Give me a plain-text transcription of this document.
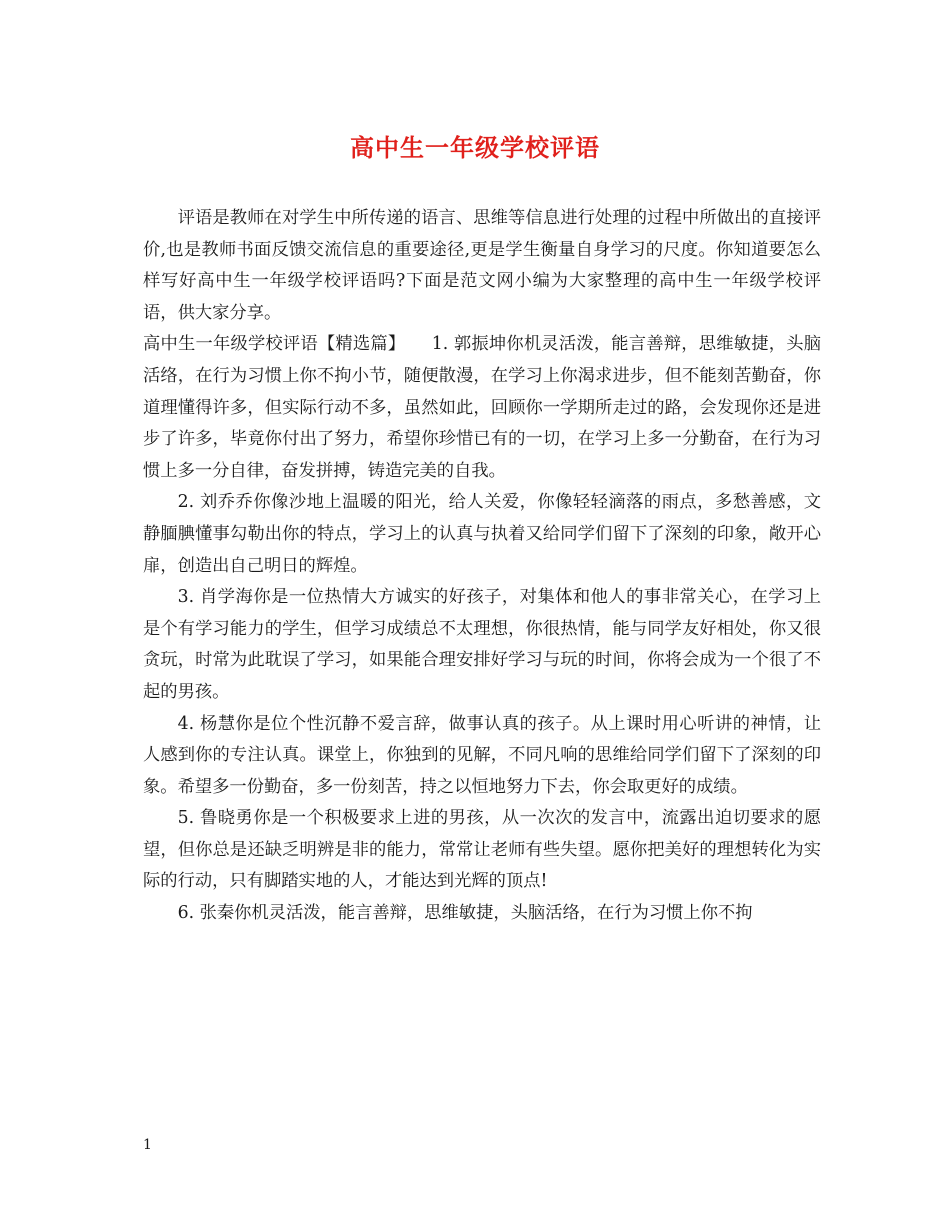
高中生一年级学校评语

评语是教师在对学生中所传递的语言、思维等信息进行处理的过程中所做出的直接评价,也是教师书面反馈交流信息的重要途径,更是学生衡量自身学习的尺度。你知道要怎么样写好高中生一年级学校评语吗?下面是范文网小编为大家整理的高中生一年级学校评语，供大家分享。

高中生一年级学校评语【精选篇】　　1. 郭振坤你机灵活泼，能言善辩，思维敏捷，头脑活络，在行为习惯上你不拘小节，随便散漫，在学习上你渴求进步，但不能刻苦勤奋，你道理懂得许多，但实际行动不多，虽然如此，回顾你一学期所走过的路，会发现你还是进步了许多，毕竟你付出了努力，希望你珍惜已有的一切，在学习上多一分勤奋，在行为习惯上多一分自律，奋发拼搏，铸造完美的自我。

2. 刘乔乔你像沙地上温暖的阳光，给人关爱，你像轻轻滴落的雨点，多愁善感，文静腼腆懂事勾勒出你的特点，学习上的认真与执着又给同学们留下了深刻的印象，敞开心扉，创造出自己明日的辉煌。

3. 肖学海你是一位热情大方诚实的好孩子，对集体和他人的事非常关心，在学习上是个有学习能力的学生，但学习成绩总不太理想，你很热情，能与同学友好相处，你又很贪玩，时常为此耽误了学习，如果能合理安排好学习与玩的时间，你将会成为一个很了不起的男孩。

4. 杨慧你是位个性沉静不爱言辞，做事认真的孩子。从上课时用心听讲的神情，让人感到你的专注认真。课堂上，你独到的见解，不同凡响的思维给同学们留下了深刻的印象。希望多一份勤奋，多一份刻苦，持之以恒地努力下去，你会取更好的成绩。

5. 鲁晓勇你是一个积极要求上进的男孩，从一次次的发言中，流露出迫切要求的愿望，但你总是还缺乏明辨是非的能力，常常让老师有些失望。愿你把美好的理想转化为实际的行动，只有脚踏实地的人，才能达到光辉的顶点!

6. 张秦你机灵活泼，能言善辩，思维敏捷，头脑活络，在行为习惯上你不拘

1
